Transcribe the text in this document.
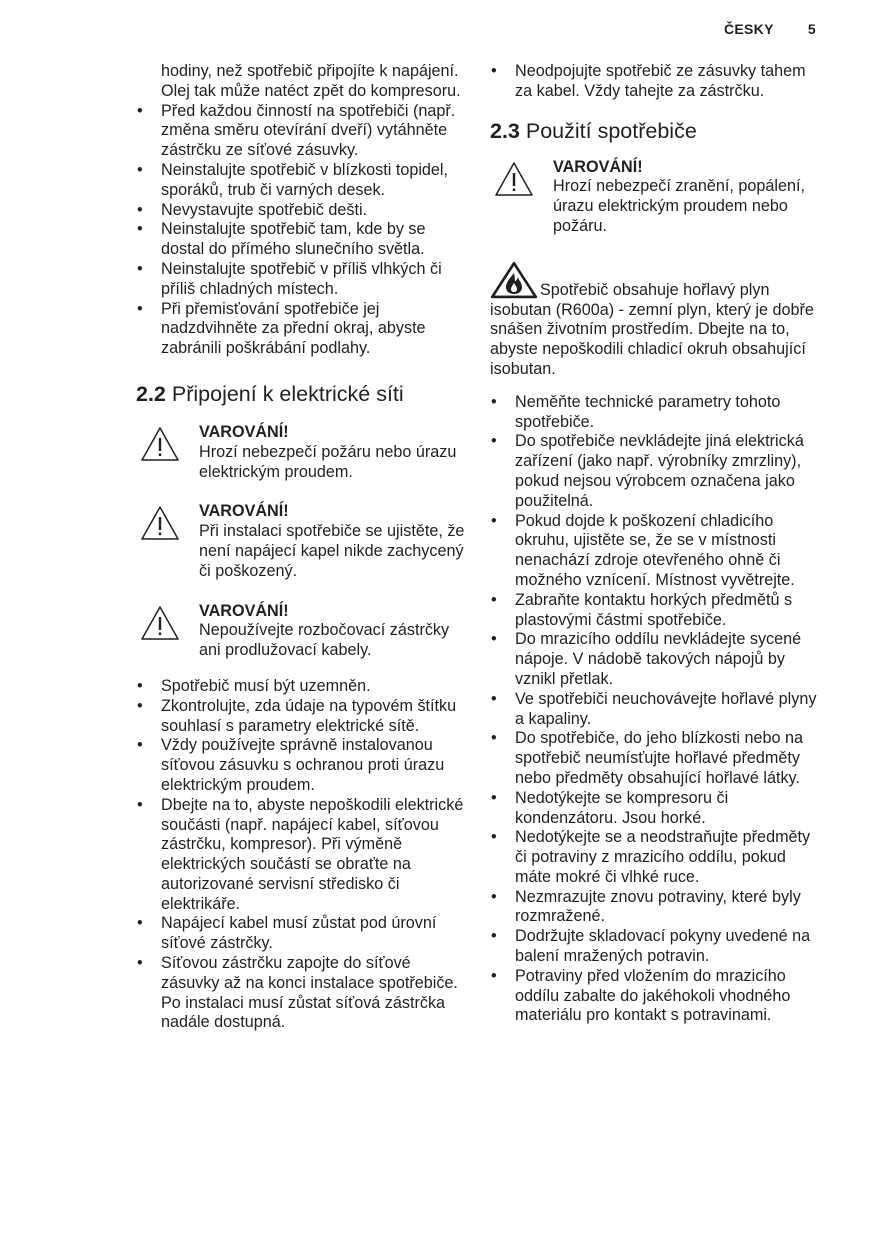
ČESKY 5
hodiny, než spotřebič připojíte k napájení. Olej tak může natéct zpět do kompresoru.
• Před každou činností na spotřebiči (např. změna směru otevírání dveří) vytáhněte zástrčku ze síťové zásuvky.
• Neinstalujte spotřebič v blízkosti topidel, sporáků, trub či varných desek.
• Nevystavujte spotřebič dešti.
• Neinstalujte spotřebič tam, kde by se dostal do přímého slunečního světla.
• Neinstalujte spotřebič v příliš vlhkých či příliš chladných místech.
• Při přemisťování spotřebiče jej nadzdvihněte za přední okraj, abyste zabránili poškrábání podlahy.
2.2 Připojení k elektrické síti
VAROVÁNÍ!
Hrozí nebezpečí požáru nebo úrazu elektrickým proudem.
VAROVÁNÍ!
Při instalaci spotřebiče se ujistěte, že není napájecí kapel nikde zachycený či poškozený.
VAROVÁNÍ!
Nepoužívejte rozbočovací zástrčky ani prodlužovací kabely.
• Spotřebič musí být uzemněn.
• Zkontrolujte, zda údaje na typovém štítku souhlasí s parametry elektrické sítě.
• Vždy používejte správně instalovanou síťovou zásuvku s ochranou proti úrazu elektrickým proudem.
• Dbejte na to, abyste nepoškodili elektrické součásti (např. napájecí kabel, síťovou zástrčku, kompresor). Při výměně elektrických součástí se obraťte na autorizované servisní středisko či elektrikáře.
• Napájecí kabel musí zůstat pod úrovní síťové zástrčky.
• Síťovou zástrčku zapojte do síťové zásuvky až na konci instalace spotřebiče. Po instalaci musí zůstat síťová zástrčka nadále dostupná.
• Neodpojujte spotřebič ze zásuvky tahem za kabel. Vždy tahejte za zástrčku.
2.3 Použití spotřebiče
VAROVÁNÍ!
Hrozí nebezpečí zranění, popálení, úrazu elektrickým proudem nebo požáru.
Spotřebič obsahuje hořlavý plyn isobutan (R600a) - zemní plyn, který je dobře snášen životním prostředím. Dbejte na to, abyste nepoškodili chladicí okruh obsahující isobutan.
• Neměňte technické parametry tohoto spotřebiče.
• Do spotřebiče nevkládejte jiná elektrická zařízení (jako např. výrobníky zmrzliny), pokud nejsou výrobcem označena jako použitelná.
• Pokud dojde k poškození chladicího okruhu, ujistěte se, že se v místnosti nenachází zdroje otevřeného ohně či možného vznícení. Místnost vyvětrejte.
• Zabraňte kontaktu horkých předmětů s plastovými částmi spotřebiče.
• Do mrazicího oddílu nevkládejte sycené nápoje. V nádobě takových nápojů by vznikl přetlak.
• Ve spotřebiči neuchovávejte hořlavé plyny a kapaliny.
• Do spotřebiče, do jeho blízkosti nebo na spotřebič neumísťujte hořlavé předměty nebo předměty obsahující hořlavé látky.
• Nedotýkejte se kompresoru či kondenzátoru. Jsou horké.
• Nedotýkejte se a neodstraňujte předměty či potraviny z mrazicího oddílu, pokud máte mokré či vlhké ruce.
• Nezmrazujte znovu potraviny, které byly rozmražené.
• Dodržujte skladovací pokyny uvedené na balení mražených potravin.
• Potraviny před vložením do mrazicího oddílu zabalte do jakéhokoli vhodného materiálu pro kontakt s potravinami.
